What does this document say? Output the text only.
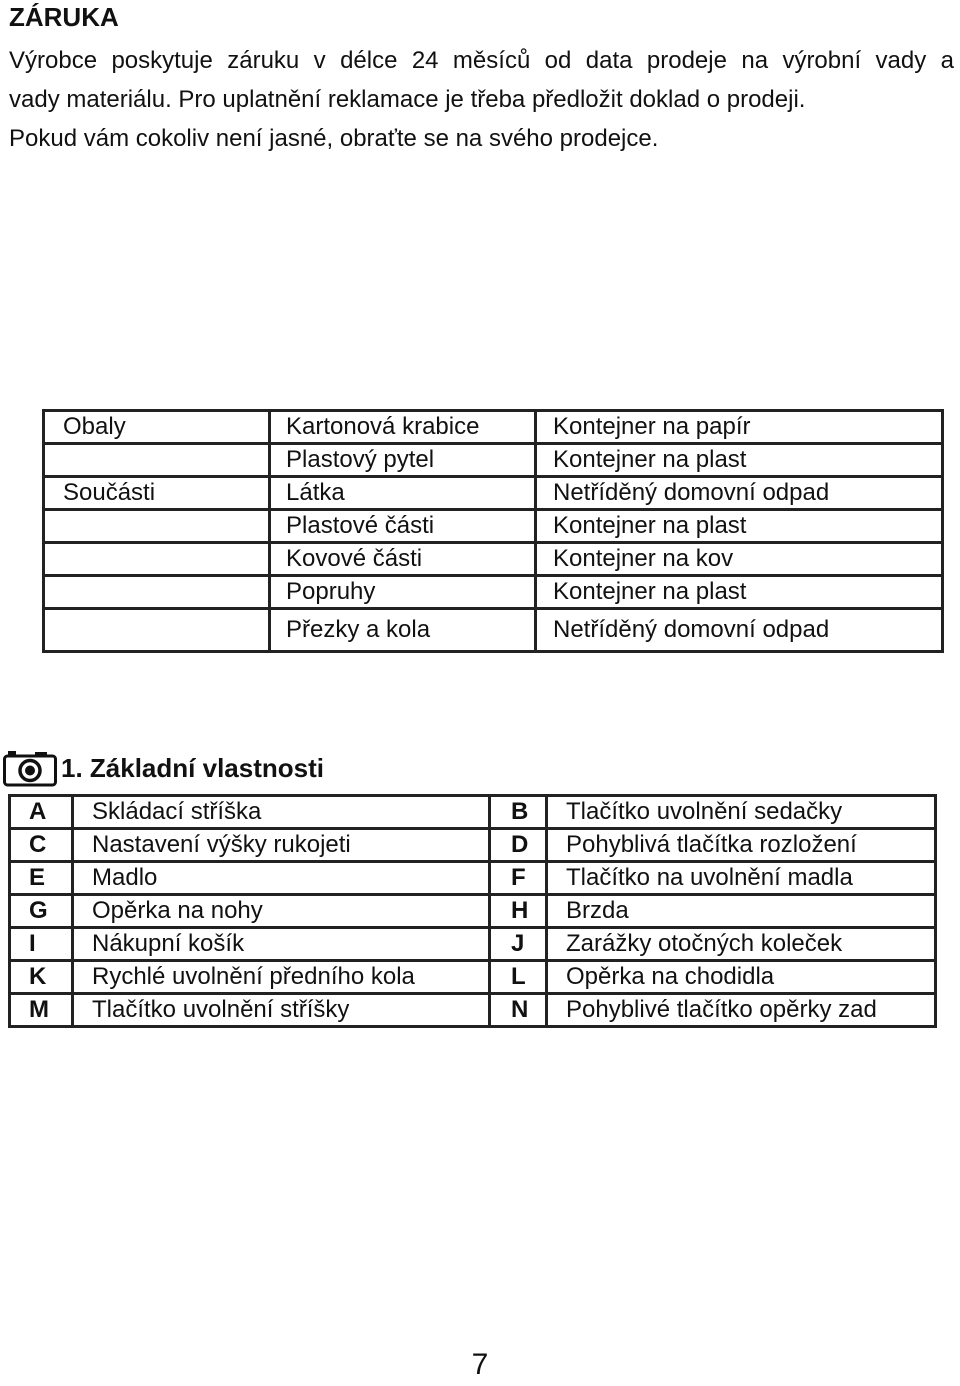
ZÁRUKA
Výrobce poskytuje záruku v délce 24 měsíců od data prodeje na výrobní vady a
vady materiálu. Pro uplatnění reklamace je třeba předložit doklad o prodeji.
Pokud vám cokoliv není jasné, obraťte se na svého prodejce.
Obaly	Kartonová krabice	Kontejner na papír
	Plastový pytel	Kontejner na plast
Součásti	Látka	Netříděný domovní odpad
	Plastové části	Kontejner na plast
	Kovové části	Kontejner na kov
	Popruhy	Kontejner na plast
	Přezky a kola	Netříděný domovní odpad
1. Základní vlastnosti
A	Skládací stříška	B	Tlačítko uvolnění sedačky
C	Nastavení výšky rukojeti	D	Pohyblivá tlačítka rozložení
E	Madlo	F	Tlačítko na uvolnění madla
G	Opěrka na nohy	H	Brzda
I	Nákupní košík	J	Zarážky otočných koleček
K	Rychlé uvolnění předního kola	L	Opěrka na chodidla
M	Tlačítko uvolnění stříšky	N	Pohyblivé tlačítko opěrky zad
7
